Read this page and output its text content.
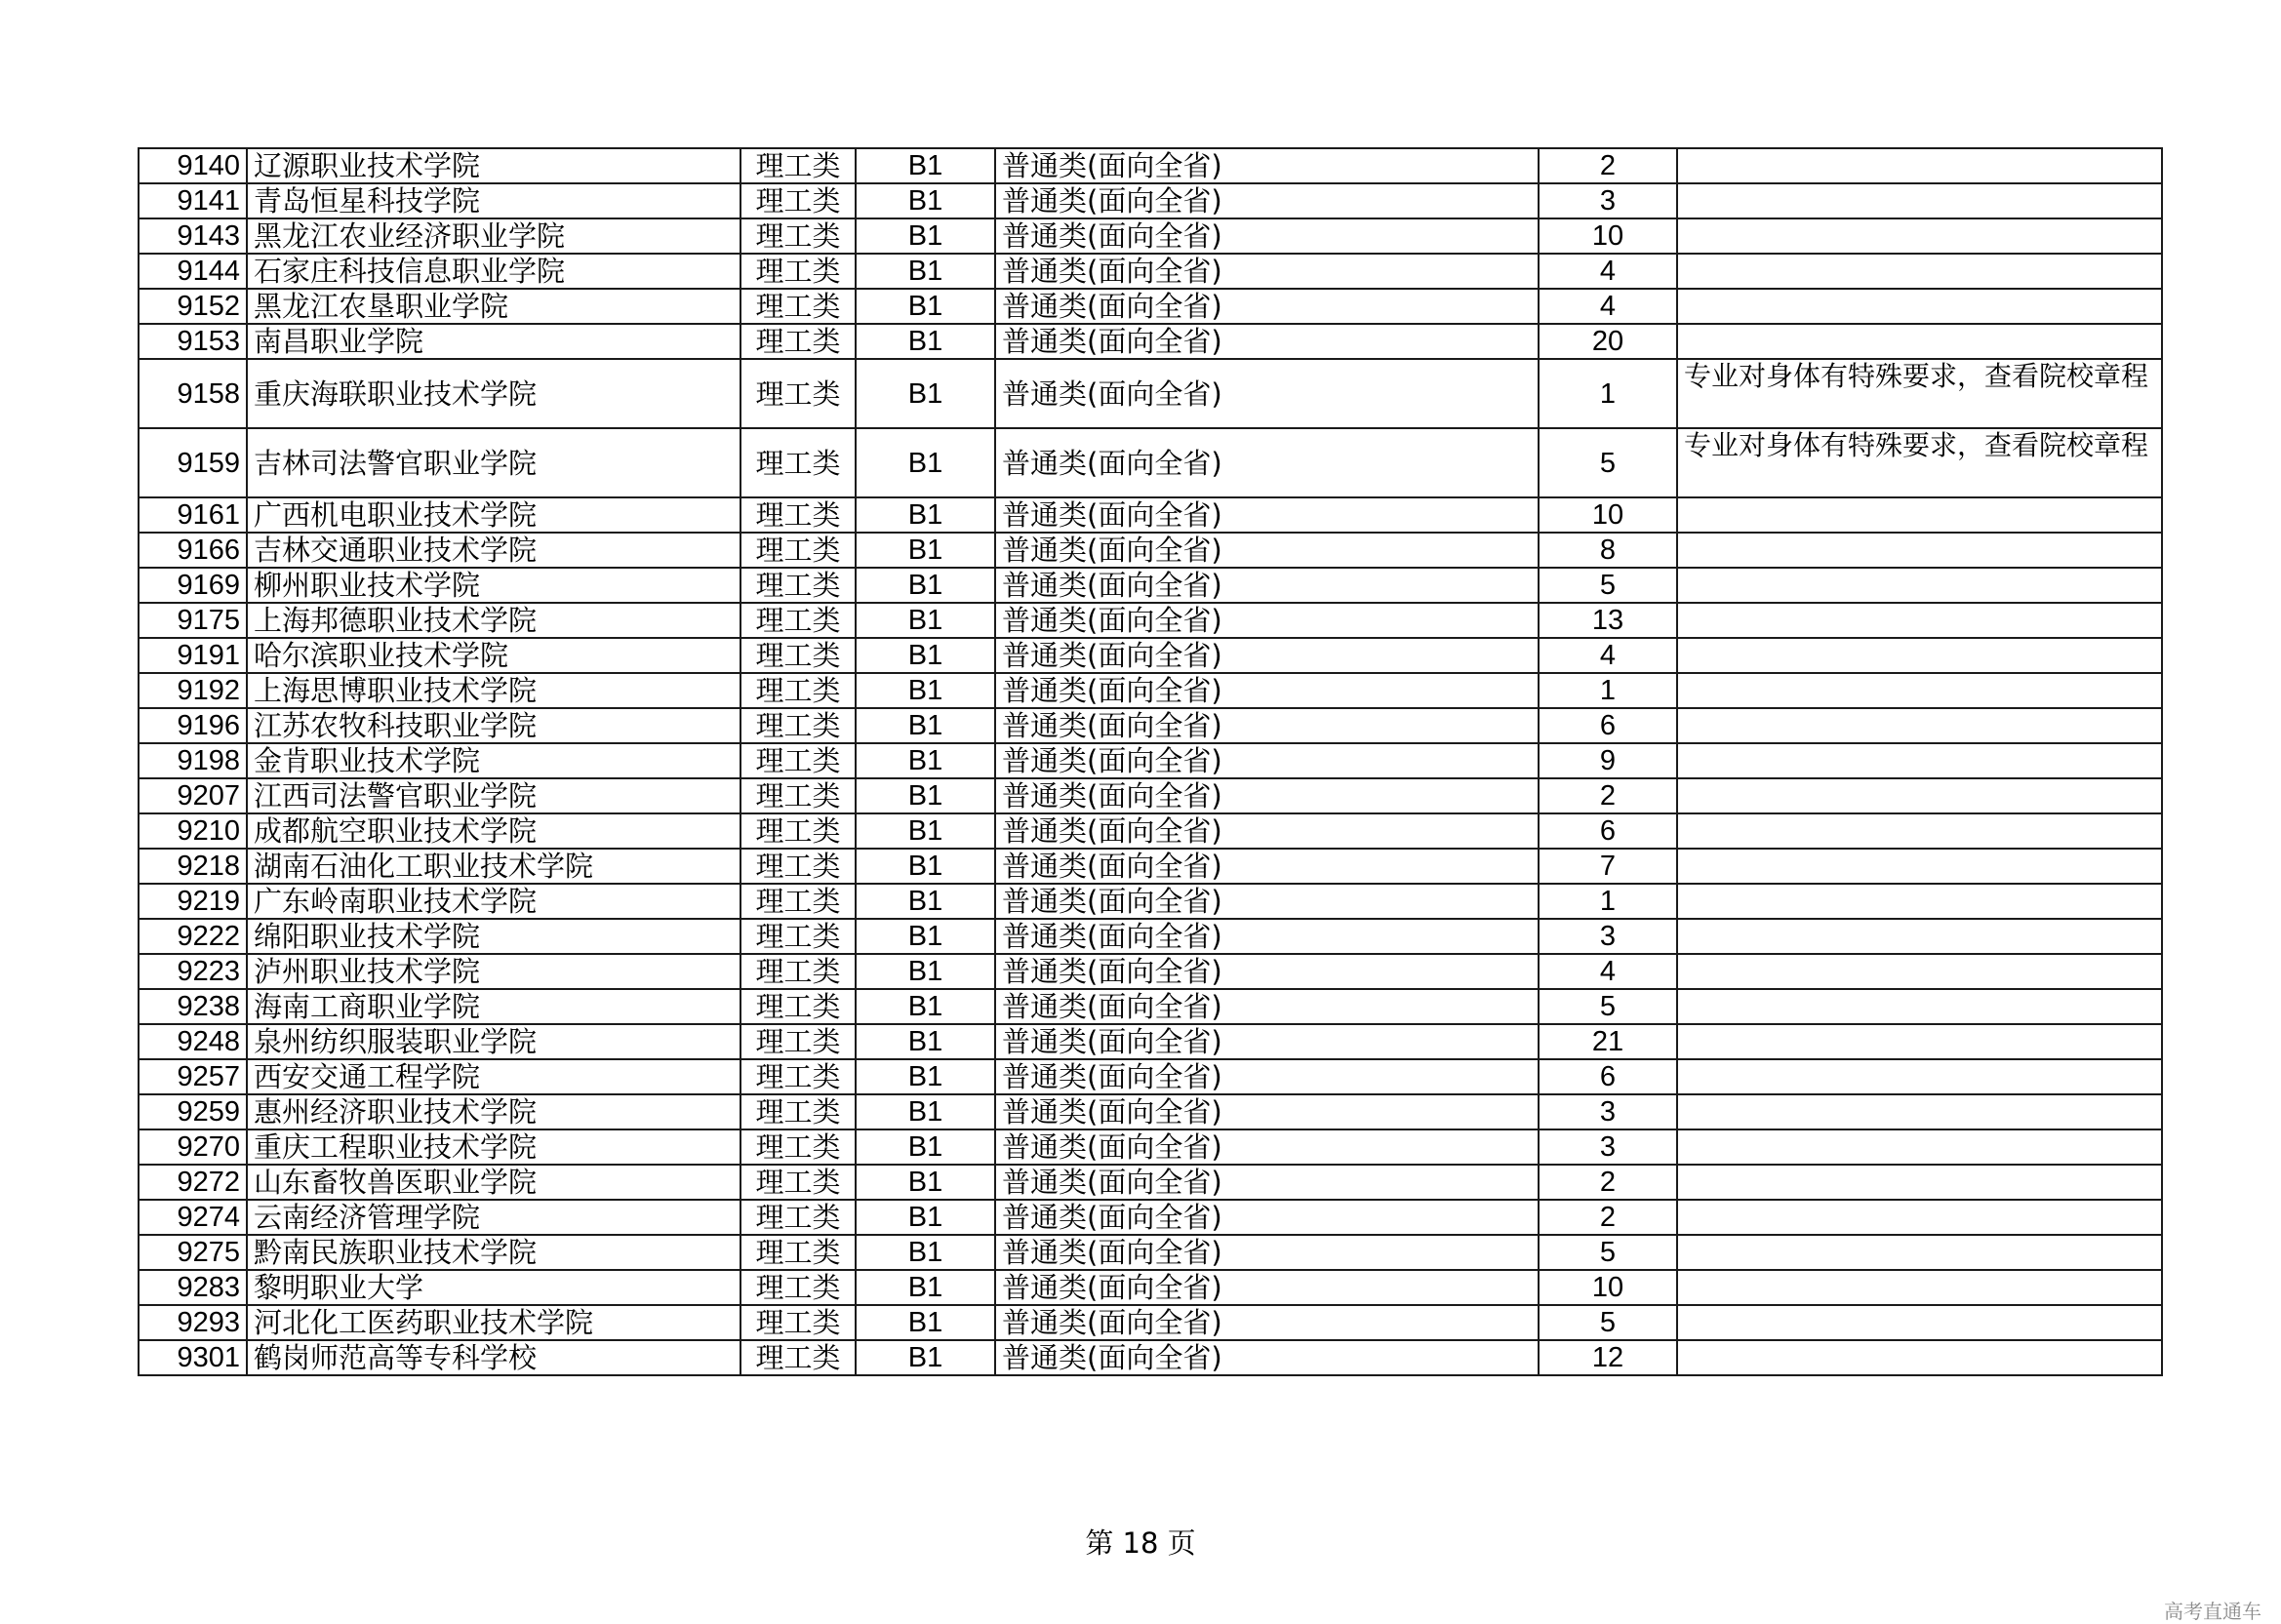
9140	辽源职业技术学院	理工类	B1	普通类(面向全省)	2	
9141	青岛恒星科技学院	理工类	B1	普通类(面向全省)	3	
9143	黑龙江农业经济职业学院	理工类	B1	普通类(面向全省)	10	
9144	石家庄科技信息职业学院	理工类	B1	普通类(面向全省)	4	
9152	黑龙江农垦职业学院	理工类	B1	普通类(面向全省)	4	
9153	南昌职业学院	理工类	B1	普通类(面向全省)	20	
9158	重庆海联职业技术学院	理工类	B1	普通类(面向全省)	1	专业对身体有特殊要求，查看院校章程
9159	吉林司法警官职业学院	理工类	B1	普通类(面向全省)	5	专业对身体有特殊要求，查看院校章程
9161	广西机电职业技术学院	理工类	B1	普通类(面向全省)	10	
9166	吉林交通职业技术学院	理工类	B1	普通类(面向全省)	8	
9169	柳州职业技术学院	理工类	B1	普通类(面向全省)	5	
9175	上海邦德职业技术学院	理工类	B1	普通类(面向全省)	13	
9191	哈尔滨职业技术学院	理工类	B1	普通类(面向全省)	4	
9192	上海思博职业技术学院	理工类	B1	普通类(面向全省)	1	
9196	江苏农牧科技职业学院	理工类	B1	普通类(面向全省)	6	
9198	金肯职业技术学院	理工类	B1	普通类(面向全省)	9	
9207	江西司法警官职业学院	理工类	B1	普通类(面向全省)	2	
9210	成都航空职业技术学院	理工类	B1	普通类(面向全省)	6	
9218	湖南石油化工职业技术学院	理工类	B1	普通类(面向全省)	7	
9219	广东岭南职业技术学院	理工类	B1	普通类(面向全省)	1	
9222	绵阳职业技术学院	理工类	B1	普通类(面向全省)	3	
9223	泸州职业技术学院	理工类	B1	普通类(面向全省)	4	
9238	海南工商职业学院	理工类	B1	普通类(面向全省)	5	
9248	泉州纺织服装职业学院	理工类	B1	普通类(面向全省)	21	
9257	西安交通工程学院	理工类	B1	普通类(面向全省)	6	
9259	惠州经济职业技术学院	理工类	B1	普通类(面向全省)	3	
9270	重庆工程职业技术学院	理工类	B1	普通类(面向全省)	3	
9272	山东畜牧兽医职业学院	理工类	B1	普通类(面向全省)	2	
9274	云南经济管理学院	理工类	B1	普通类(面向全省)	2	
9275	黔南民族职业技术学院	理工类	B1	普通类(面向全省)	5	
9283	黎明职业大学	理工类	B1	普通类(面向全省)	10	
9293	河北化工医药职业技术学院	理工类	B1	普通类(面向全省)	5	
9301	鹤岗师范高等专科学校	理工类	B1	普通类(面向全省)	12	
第 18 页
高考直通车
